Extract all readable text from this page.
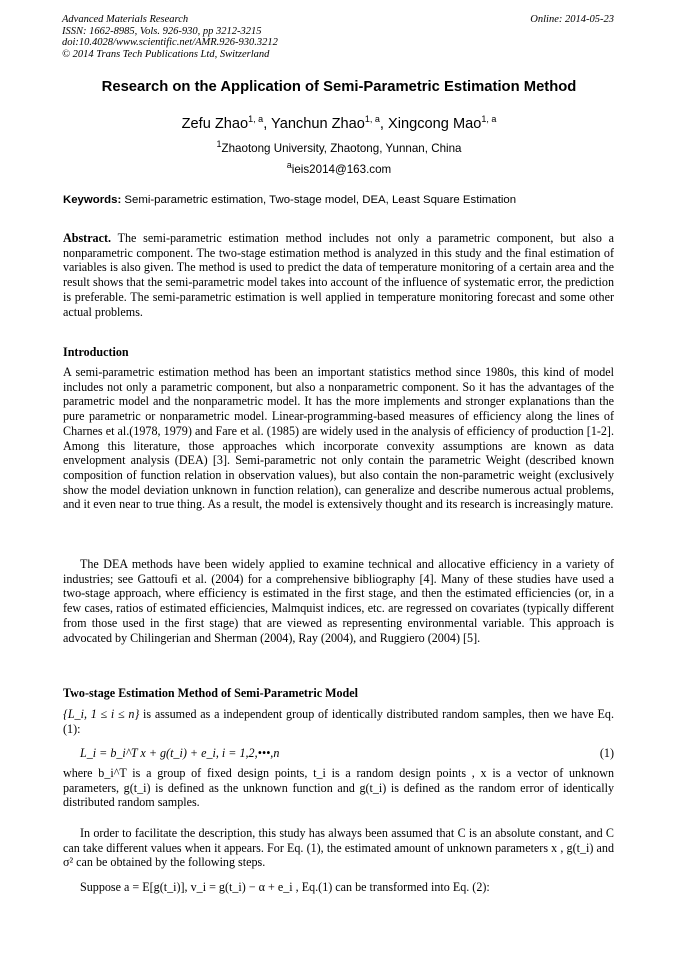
Advanced Materials Research
ISSN: 1662-8985, Vols. 926-930, pp 3212-3215
doi:10.4028/www.scientific.net/AMR.926-930.3212
© 2014 Trans Tech Publications Ltd, Switzerland
Online: 2014-05-23
Research on the Application of Semi-Parametric Estimation Method
Zefu Zhao$^{1, a}$, Yanchun Zhao$^{1, a}$, Xingcong Mao$^{1, a}$
$^1$Zhaotong University, Zhaotong, Yunnan, China
$^a$ieis2014@163.com
Keywords: Semi-parametric estimation, Two-stage model, DEA, Least Square Estimation
Abstract. The semi-parametric estimation method includes not only a parametric component, but also a nonparametric component. The two-stage estimation method is analyzed in this study and the final estimation of variables is also given. The method is used to predict the data of temperature monitoring of a certain area and the result shows that the semi-parametric model takes into account of the influence of systematic error, the prediction is preferable. The semi-parametric estimation is well applied in temperature monitoring forecast and some other actual problems.
Introduction
A semi-parametric estimation method has been an important statistics method since 1980s, this kind of model includes not only a parametric component, but also a nonparametric component. So it has the advantages of the parametric model and the nonparametric model. It has the more implements and stronger explanations than the pure parametric or nonparametric model. Linear-programming-based measures of efficiency along the lines of Charnes et al.(1978, 1979) and Fare et al. (1985) are widely used in the analysis of efficiency of production [1-2]. Among this literature, those approaches which incorporate convexity assumptions are known as data envelopment analysis (DEA) [3]. Semi-parametric not only contain the parametric Weight (described known composition of function relation in observation values), but also contain the non-parametric weight (exclusively show the model deviation unknown in function relation), can generalize and describe numerous actual problems, and it even near to true thing. As a result, the model is extensively thought and its research is increasingly mature.
The DEA methods have been widely applied to examine technical and allocative efficiency in a variety of industries; see Gattoufi et al. (2004) for a comprehensive bibliography [4]. Many of these studies have used a two-stage approach, where efficiency is estimated in the first stage, and then the estimated efficiencies (or, in a few cases, ratios of estimated efficiencies, Malmquist indices, etc. are regressed on covariates (typically different from those used in the first stage) that are viewed as representing environmental variable. This approach is advocated by Chilingerian and Sherman (2004), Ray (2004), and Ruggiero (2004) [5].
Two-stage Estimation Method of Semi-Parametric Model
{L_i, 1 ≤ i ≤ n} is assumed as a independent group of identically distributed random samples, then we have Eq.(1):
L_i = b_i^T x + g(t_i) + e_i, i = 1,2,•••,n	(1)
where b_i^T is a group of fixed design points, t_i is a random design points , x is a vector of unknown parameters, g(t_i) is defined as the unknown function and g(t_i) is defined as the random error of identically distributed random samples.
In order to facilitate the description, this study has always been assumed that C is an absolute constant, and C can take different values when it appears. For Eq. (1), the estimated amount of unknown parameters x , g(t_i) and σ² can be obtained by the following steps.
Suppose a = E[g(t_i)], v_i = g(t_i) − α + e_i , Eq.(1) can be transformed into Eq. (2):
